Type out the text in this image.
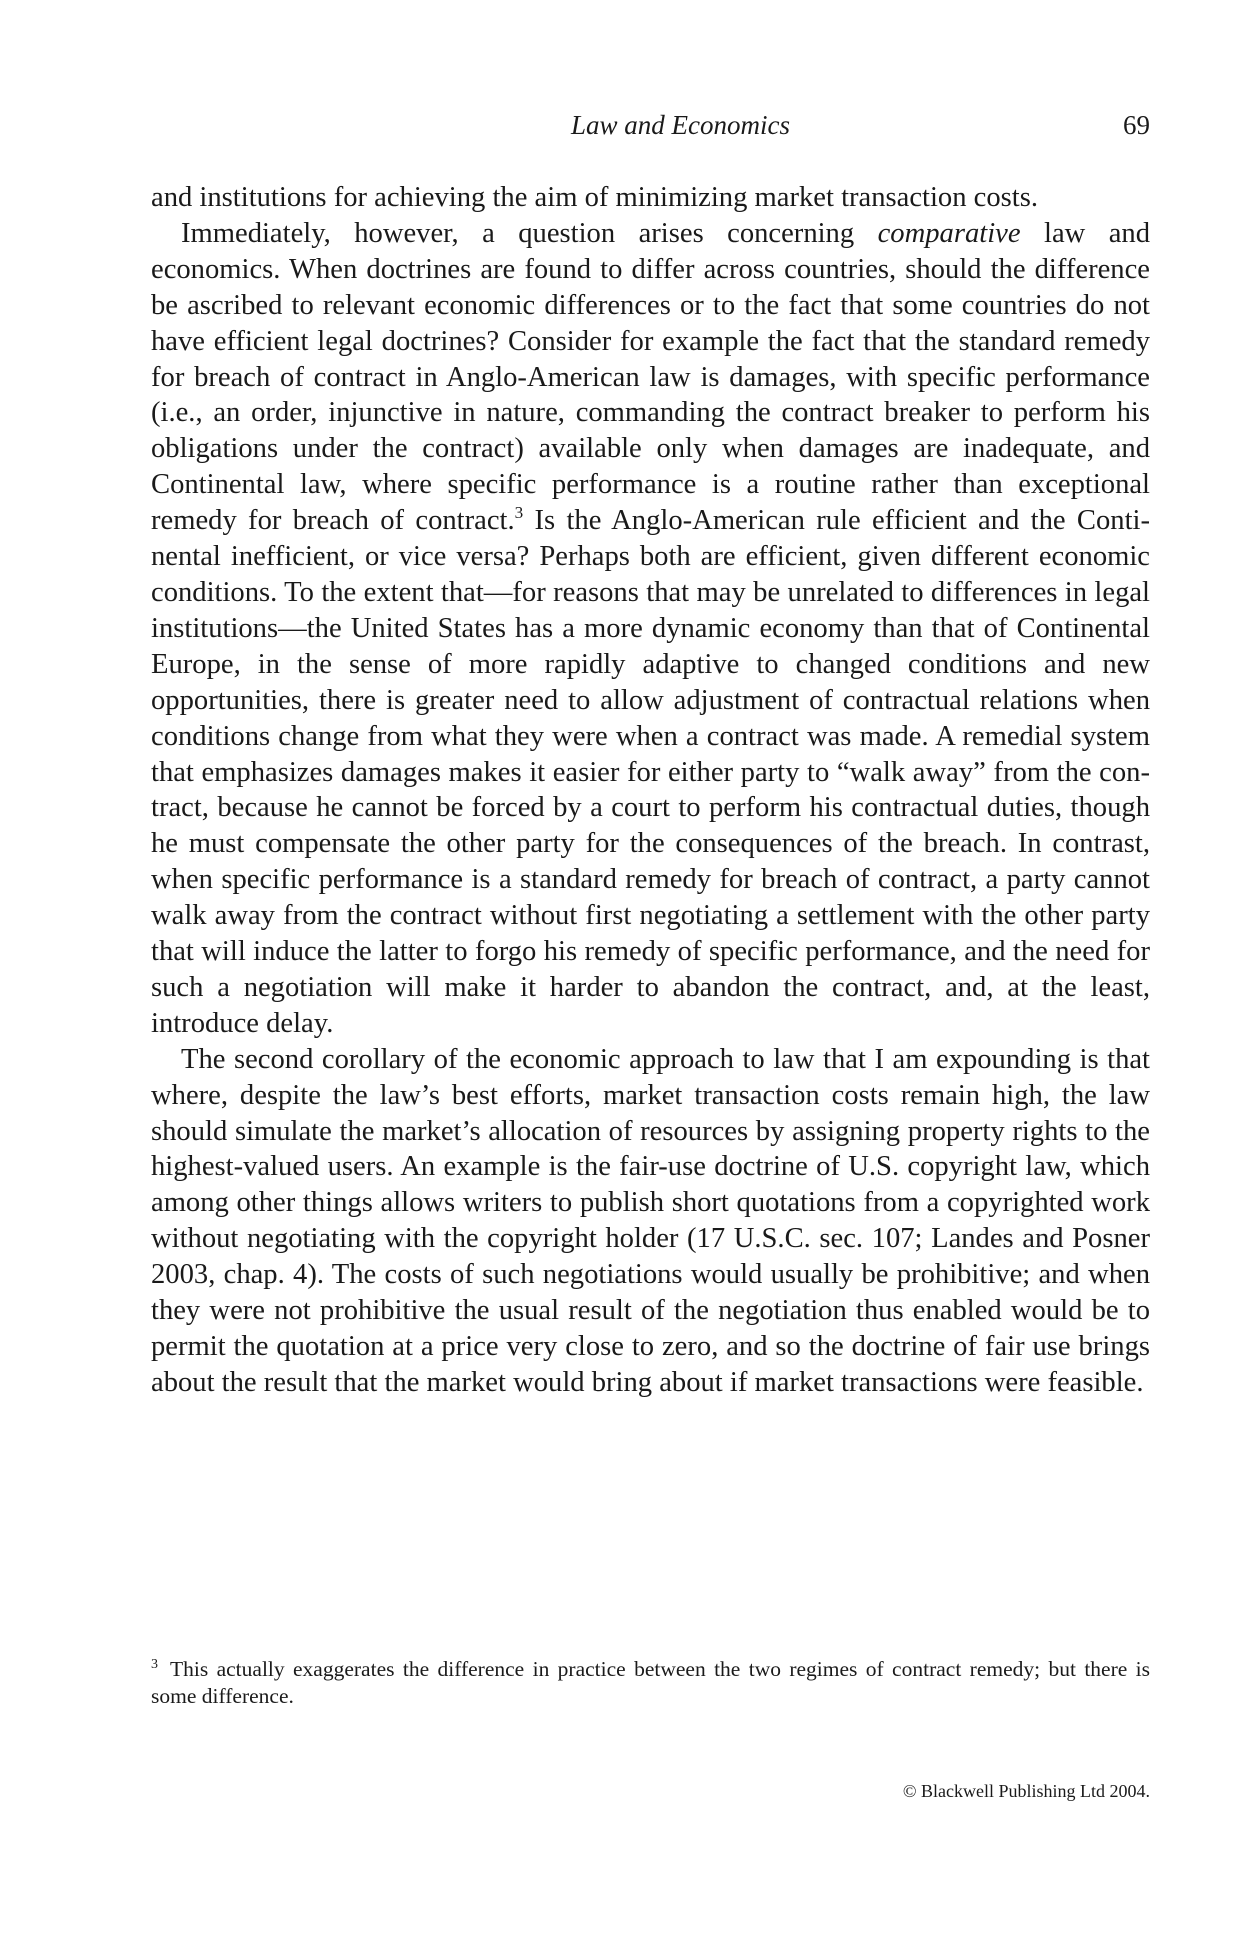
Law and Economics	69

and institutions for achieving the aim of minimizing market transaction costs.

Immediately, however, a question arises concerning comparative law and economics. When doctrines are found to differ across countries, should the difference be ascribed to relevant economic differences or to the fact that some countries do not have efficient legal doctrines? Consider for example the fact that the standard remedy for breach of contract in Anglo-American law is damages, with specific performance (i.e., an order, injunctive in nature, commanding the contract breaker to perform his obligations under the contract) available only when damages are inadequate, and Continental law, where specific performance is a routine rather than exceptional remedy for breach of contract.$^3$ Is the Anglo-American rule efficient and the Continental inefficient, or vice versa? Perhaps both are efficient, given different economic conditions. To the extent that—for reasons that may be unrelated to differences in legal institutions—the United States has a more dynamic economy than that of Continental Europe, in the sense of more rapidly adaptive to changed conditions and new opportunities, there is greater need to allow adjustment of contractual relations when conditions change from what they were when a contract was made. A remedial system that emphasizes damages makes it easier for either party to “walk away” from the contract, because he cannot be forced by a court to perform his contractual duties, though he must compensate the other party for the consequences of the breach. In contrast, when specific performance is a standard remedy for breach of contract, a party cannot walk away from the contract without first negotiating a settlement with the other party that will induce the latter to forgo his remedy of specific performance, and the need for such a negotiation will make it harder to abandon the contract, and, at the least, introduce delay.

The second corollary of the economic approach to law that I am expounding is that where, despite the law’s best efforts, market transaction costs remain high, the law should simulate the market’s allocation of resources by assigning property rights to the highest-valued users. An example is the fair-use doctrine of U.S. copyright law, which among other things allows writers to publish short quotations from a copyrighted work without negotiating with the copyright holder (17 U.S.C. sec. 107; Landes and Posner 2003, chap. 4). The costs of such negotiations would usually be prohibitive; and when they were not prohibitive the usual result of the negotiation thus enabled would be to permit the quotation at a price very close to zero, and so the doctrine of fair use brings about the result that the market would bring about if market transactions were feasible.

$^3$ This actually exaggerates the difference in practice between the two regimes of contract remedy; but there is some difference.
© Blackwell Publishing Ltd 2004.
